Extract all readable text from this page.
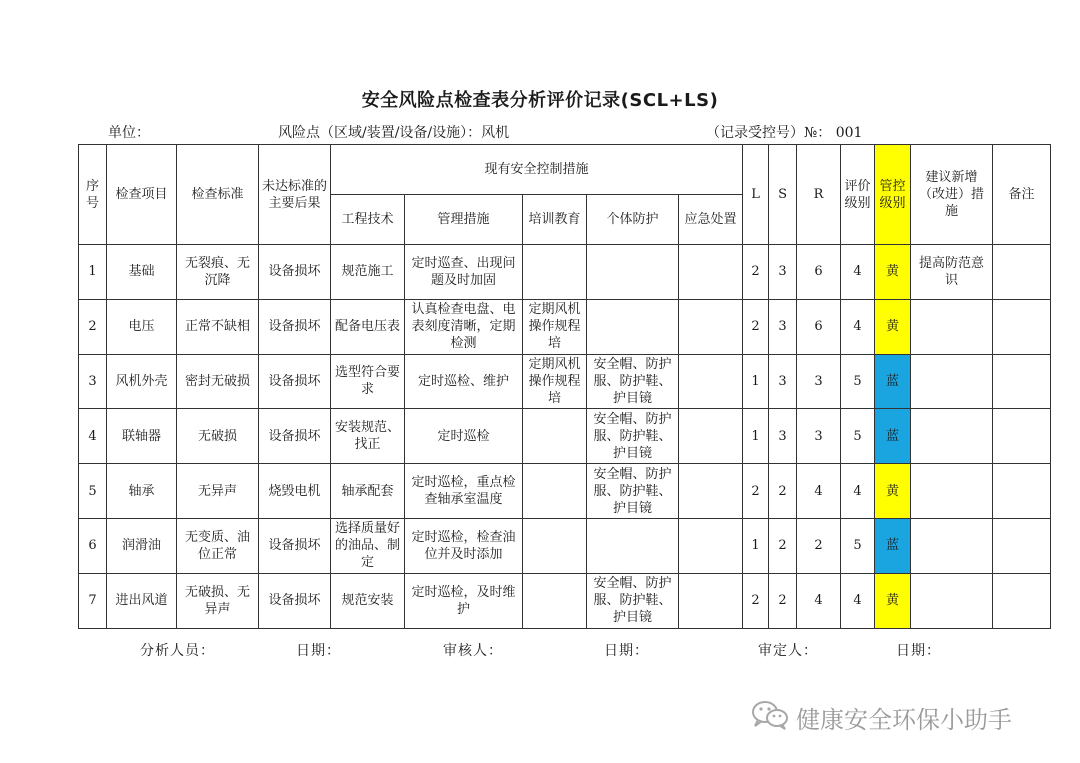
安全风险点检查表分析评价记录(SCL+LS)
单位：	风险点（区域/装置/设备/设施）：风机	（记录受控号）№： 001
序号	检查项目	检查标准	未达标准的主要后果	现有安全控制措施					L	S	R	评价级别	管控级别	建议新增（改进）措施	备注
				工程技术	管理措施	培训教育	个体防护	应急处置							
1	基础	无裂痕、无沉降	设备损坏	规范施工	定时巡查、出现问题及时加固				2	3	6	4	黄	提高防范意识	
2	电压	正常不缺相	设备损坏	配备电压表	认真检查电盘、电表刻度清晰，定期检测	定期风机操作规程培			2	3	6	4	黄		
3	风机外壳	密封无破损	设备损坏	选型符合要求	定时巡检、维护	定期风机操作规程培	安全帽、防护服、防护鞋、护目镜		1	3	3	5	蓝		
4	联轴器	无破损	设备损坏	安装规范、找正	定时巡检		安全帽、防护服、防护鞋、护目镜		1	3	3	5	蓝		
5	轴承	无异声	烧毁电机	轴承配套	定时巡检，重点检查轴承室温度		安全帽、防护服、防护鞋、护目镜		2	2	4	4	黄		
6	润滑油	无变质、油位正常	设备损坏	选择质量好的油品、制定	定时巡检，检查油位并及时添加				1	2	2	5	蓝		
7	进出风道	无破损、无异声	设备损坏	规范安装	定时巡检，及时维护		安全帽、防护服、防护鞋、护目镜		2	2	4	4	黄		
分析人员：	日期：	审核人：	日期：	审定人：	日期：
健康安全环保小助手
